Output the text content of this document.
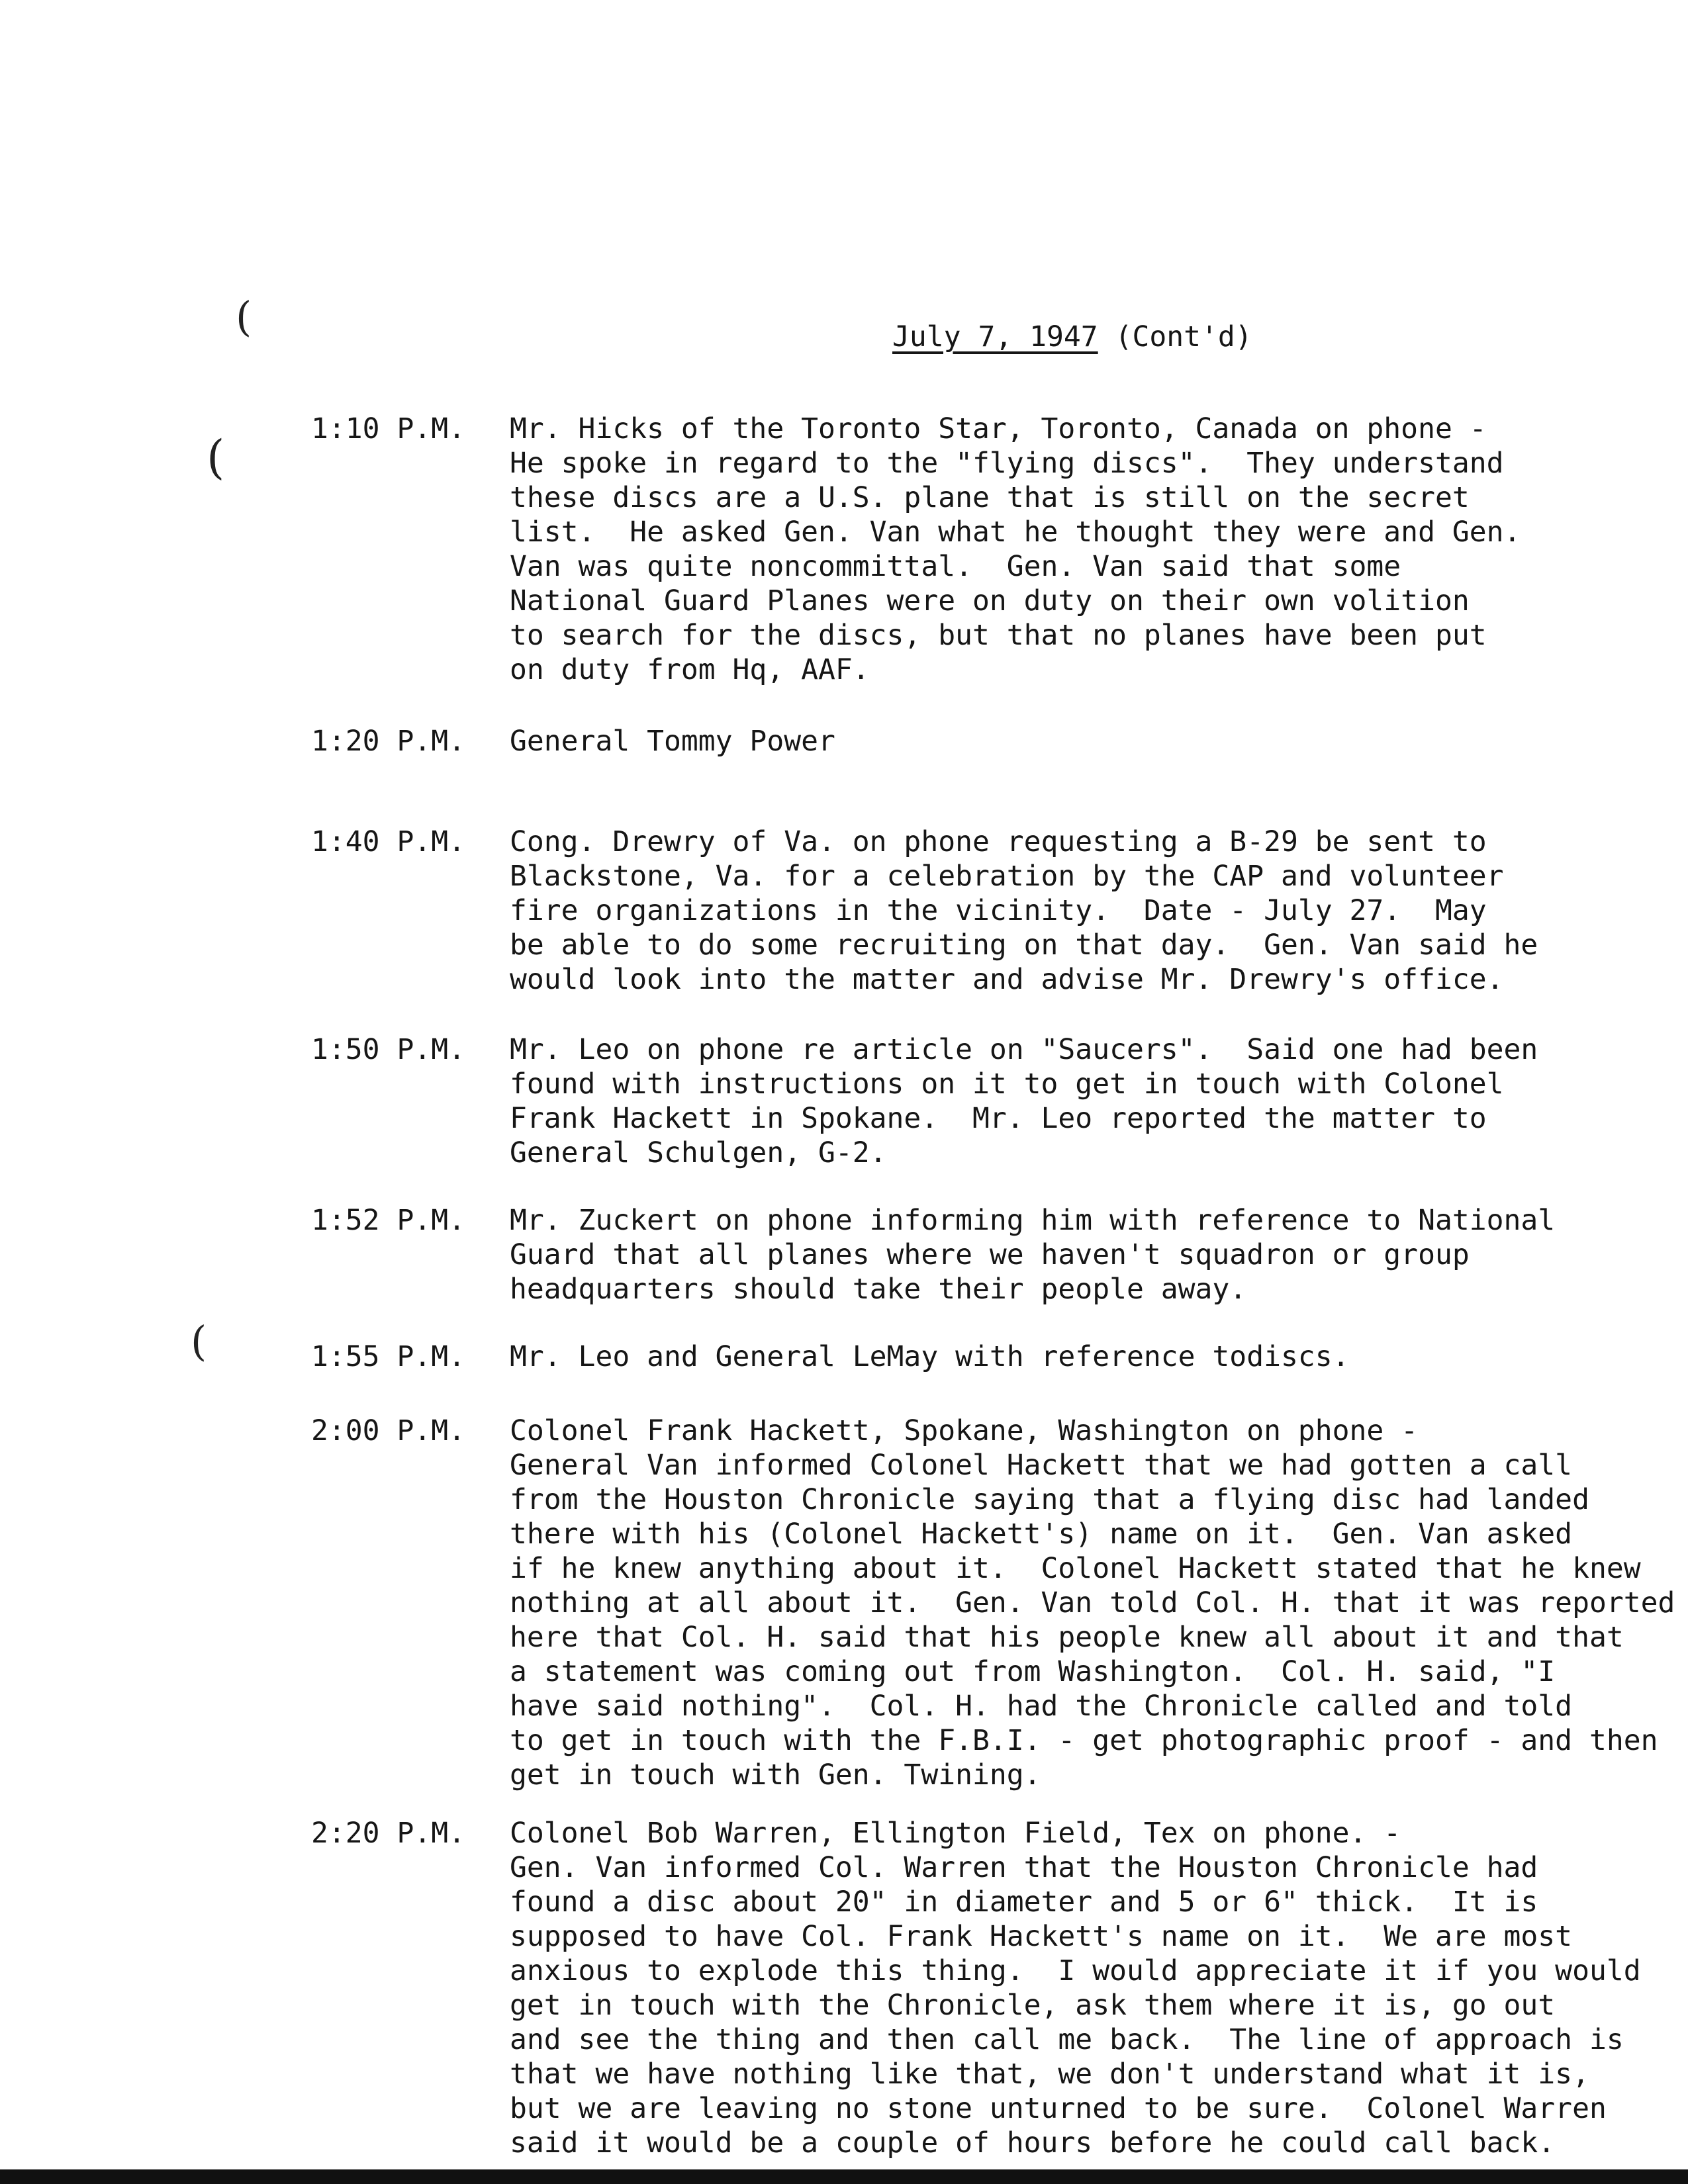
(
(
(
July 7, 1947 (Cont'd)
1:10 P.M.	Mr. Hicks of the Toronto Star, Toronto, Canada on phone -
He spoke in regard to the "flying discs".  They understand
these discs are a U.S. plane that is still on the secret
list.  He asked Gen. Van what he thought they were and Gen.
Van was quite noncommittal.  Gen. Van said that some
National Guard Planes were on duty on their own volition
to search for the discs, but that no planes have been put
on duty from Hq, AAF.
1:20 P.M.	General Tommy Power
1:40 P.M.	Cong. Drewry of Va. on phone requesting a B-29 be sent to
Blackstone, Va. for a celebration by the CAP and volunteer
fire organizations in the vicinity.  Date - July 27.  May
be able to do some recruiting on that day.  Gen. Van said he
would look into the matter and advise Mr. Drewry's office.
1:50 P.M.	Mr. Leo on phone re article on "Saucers".  Said one had been
found with instructions on it to get in touch with Colonel
Frank Hackett in Spokane.  Mr. Leo reported the matter to
General Schulgen, G-2.
1:52 P.M.	Mr. Zuckert on phone informing him with reference to National
Guard that all planes where we haven't squadron or group
headquarters should take their people away.
1:55 P.M.	Mr. Leo and General LeMay with reference todiscs.
2:00 P.M.	Colonel Frank Hackett, Spokane, Washington on phone -
General Van informed Colonel Hackett that we had gotten a call
from the Houston Chronicle saying that a flying disc had landed
there with his (Colonel Hackett's) name on it.  Gen. Van asked
if he knew anything about it.  Colonel Hackett stated that he knew
nothing at all about it.  Gen. Van told Col. H. that it was reported
here that Col. H. said that his people knew all about it and that
a statement was coming out from Washington.  Col. H. said, "I
have said nothing".  Col. H. had the Chronicle called and told
to get in touch with the F.B.I. - get photographic proof - and then
get in touch with Gen. Twining.
2:20 P.M.	Colonel Bob Warren, Ellington Field, Tex on phone. -
Gen. Van informed Col. Warren that the Houston Chronicle had
found a disc about 20" in diameter and 5 or 6" thick.  It is
supposed to have Col. Frank Hackett's name on it.  We are most
anxious to explode this thing.  I would appreciate it if you would
get in touch with the Chronicle, ask them where it is, go out
and see the thing and then call me back.  The line of approach is
that we have nothing like that, we don't understand what it is,
but we are leaving no stone unturned to be sure.  Colonel Warren
said it would be a couple of hours before he could call back.
